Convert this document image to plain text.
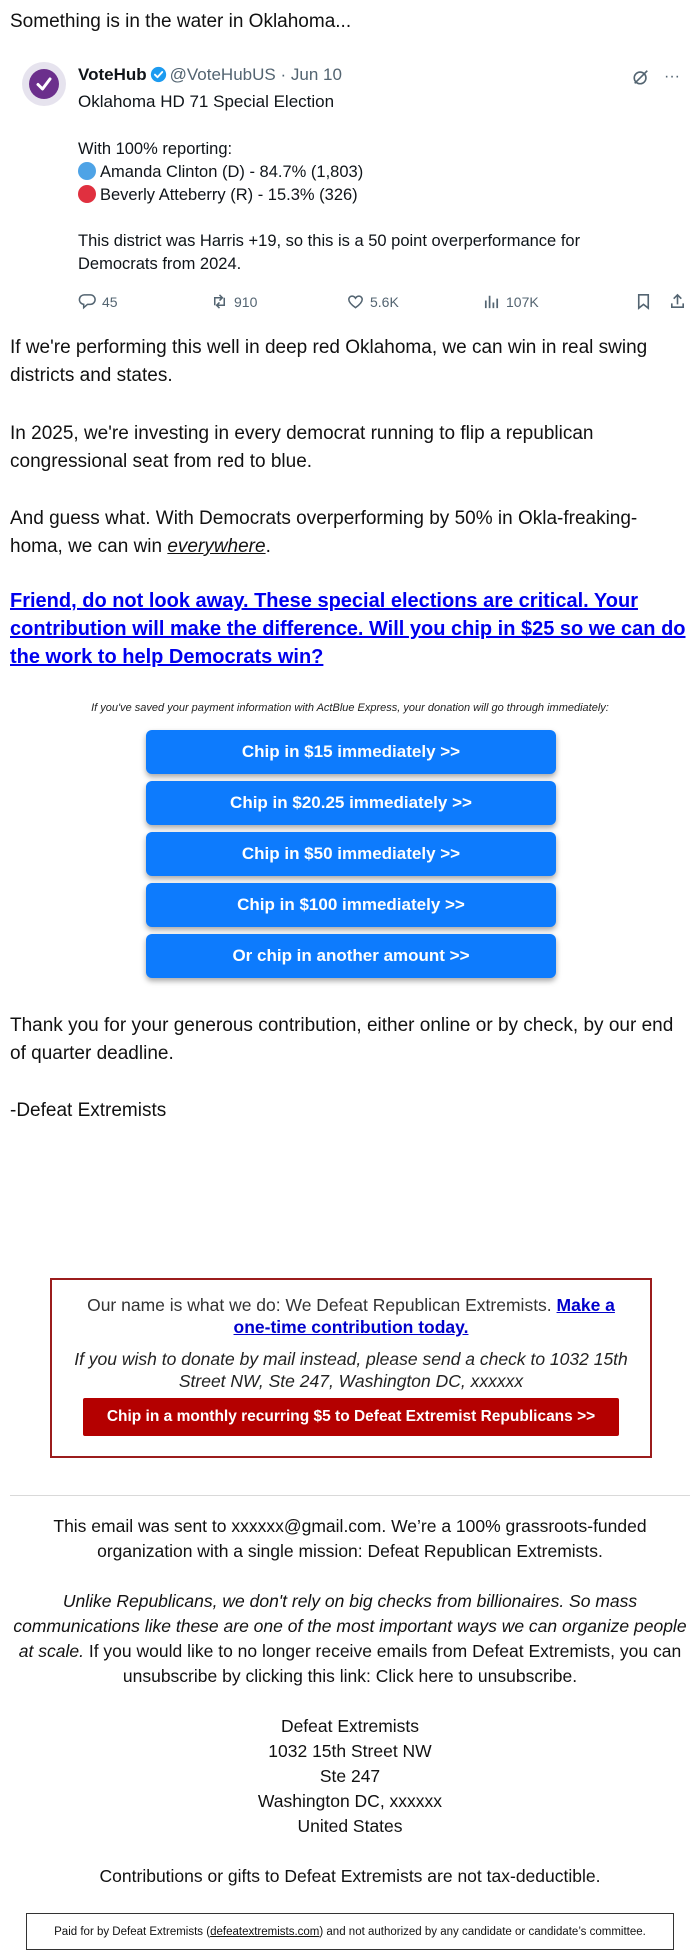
Something is in the water in Oklahoma...

VoteHub @VoteHubUS · Jun 10	···
Oklahoma HD 71 Special Election
With 100% reporting:
Amanda Clinton (D) - 84.7% (1,803)
Beverly Atteberry (R) - 15.3% (326)
This district was Harris +19, so this is a 50 point overperformance for Democrats from 2024.
45	910	5.6K	107K

If we're performing this well in deep red Oklahoma, we can win in real swing districts and states.

In 2025, we're investing in every democrat running to flip a republican congressional seat from red to blue.

And guess what. With Democrats overperforming by 50% in Okla-freaking-homa, we can win everywhere.

Friend, do not look away. These special elections are critical. Your contribution will make the difference. Will you chip in $25 so we can do the work to help Democrats win?

If you've saved your payment information with ActBlue Express, your donation will go through immediately:
Chip in $15 immediately >>
Chip in $20.25 immediately >>
Chip in $50 immediately >>
Chip in $100 immediately >>
Or chip in another amount >>

Thank you for your generous contribution, either online or by check, by our end of quarter deadline.

-Defeat Extremists

Our name is what we do: We Defeat Republican Extremists. Make a one-time contribution today.
If you wish to donate by mail instead, please send a check to 1032 15th Street NW, Ste 247, Washington DC, xxxxxx
Chip in a monthly recurring $5 to Defeat Extremist Republicans >>

This email was sent to xxxxxx@gmail.com. We’re a 100% grassroots-funded organization with a single mission: Defeat Republican Extremists.

Unlike Republicans, we don't rely on big checks from billionaires. So mass communications like these are one of the most important ways we can organize people at scale. If you would like to no longer receive emails from Defeat Extremists, you can unsubscribe by clicking this link: Click here to unsubscribe.

Defeat Extremists
1032 15th Street NW
Ste 247
Washington DC, xxxxxx
United States

Contributions or gifts to Defeat Extremists are not tax-deductible.

Paid for by Defeat Extremists ( defeatextremists.com ) and not authorized by any candidate or candidate’s committee.
